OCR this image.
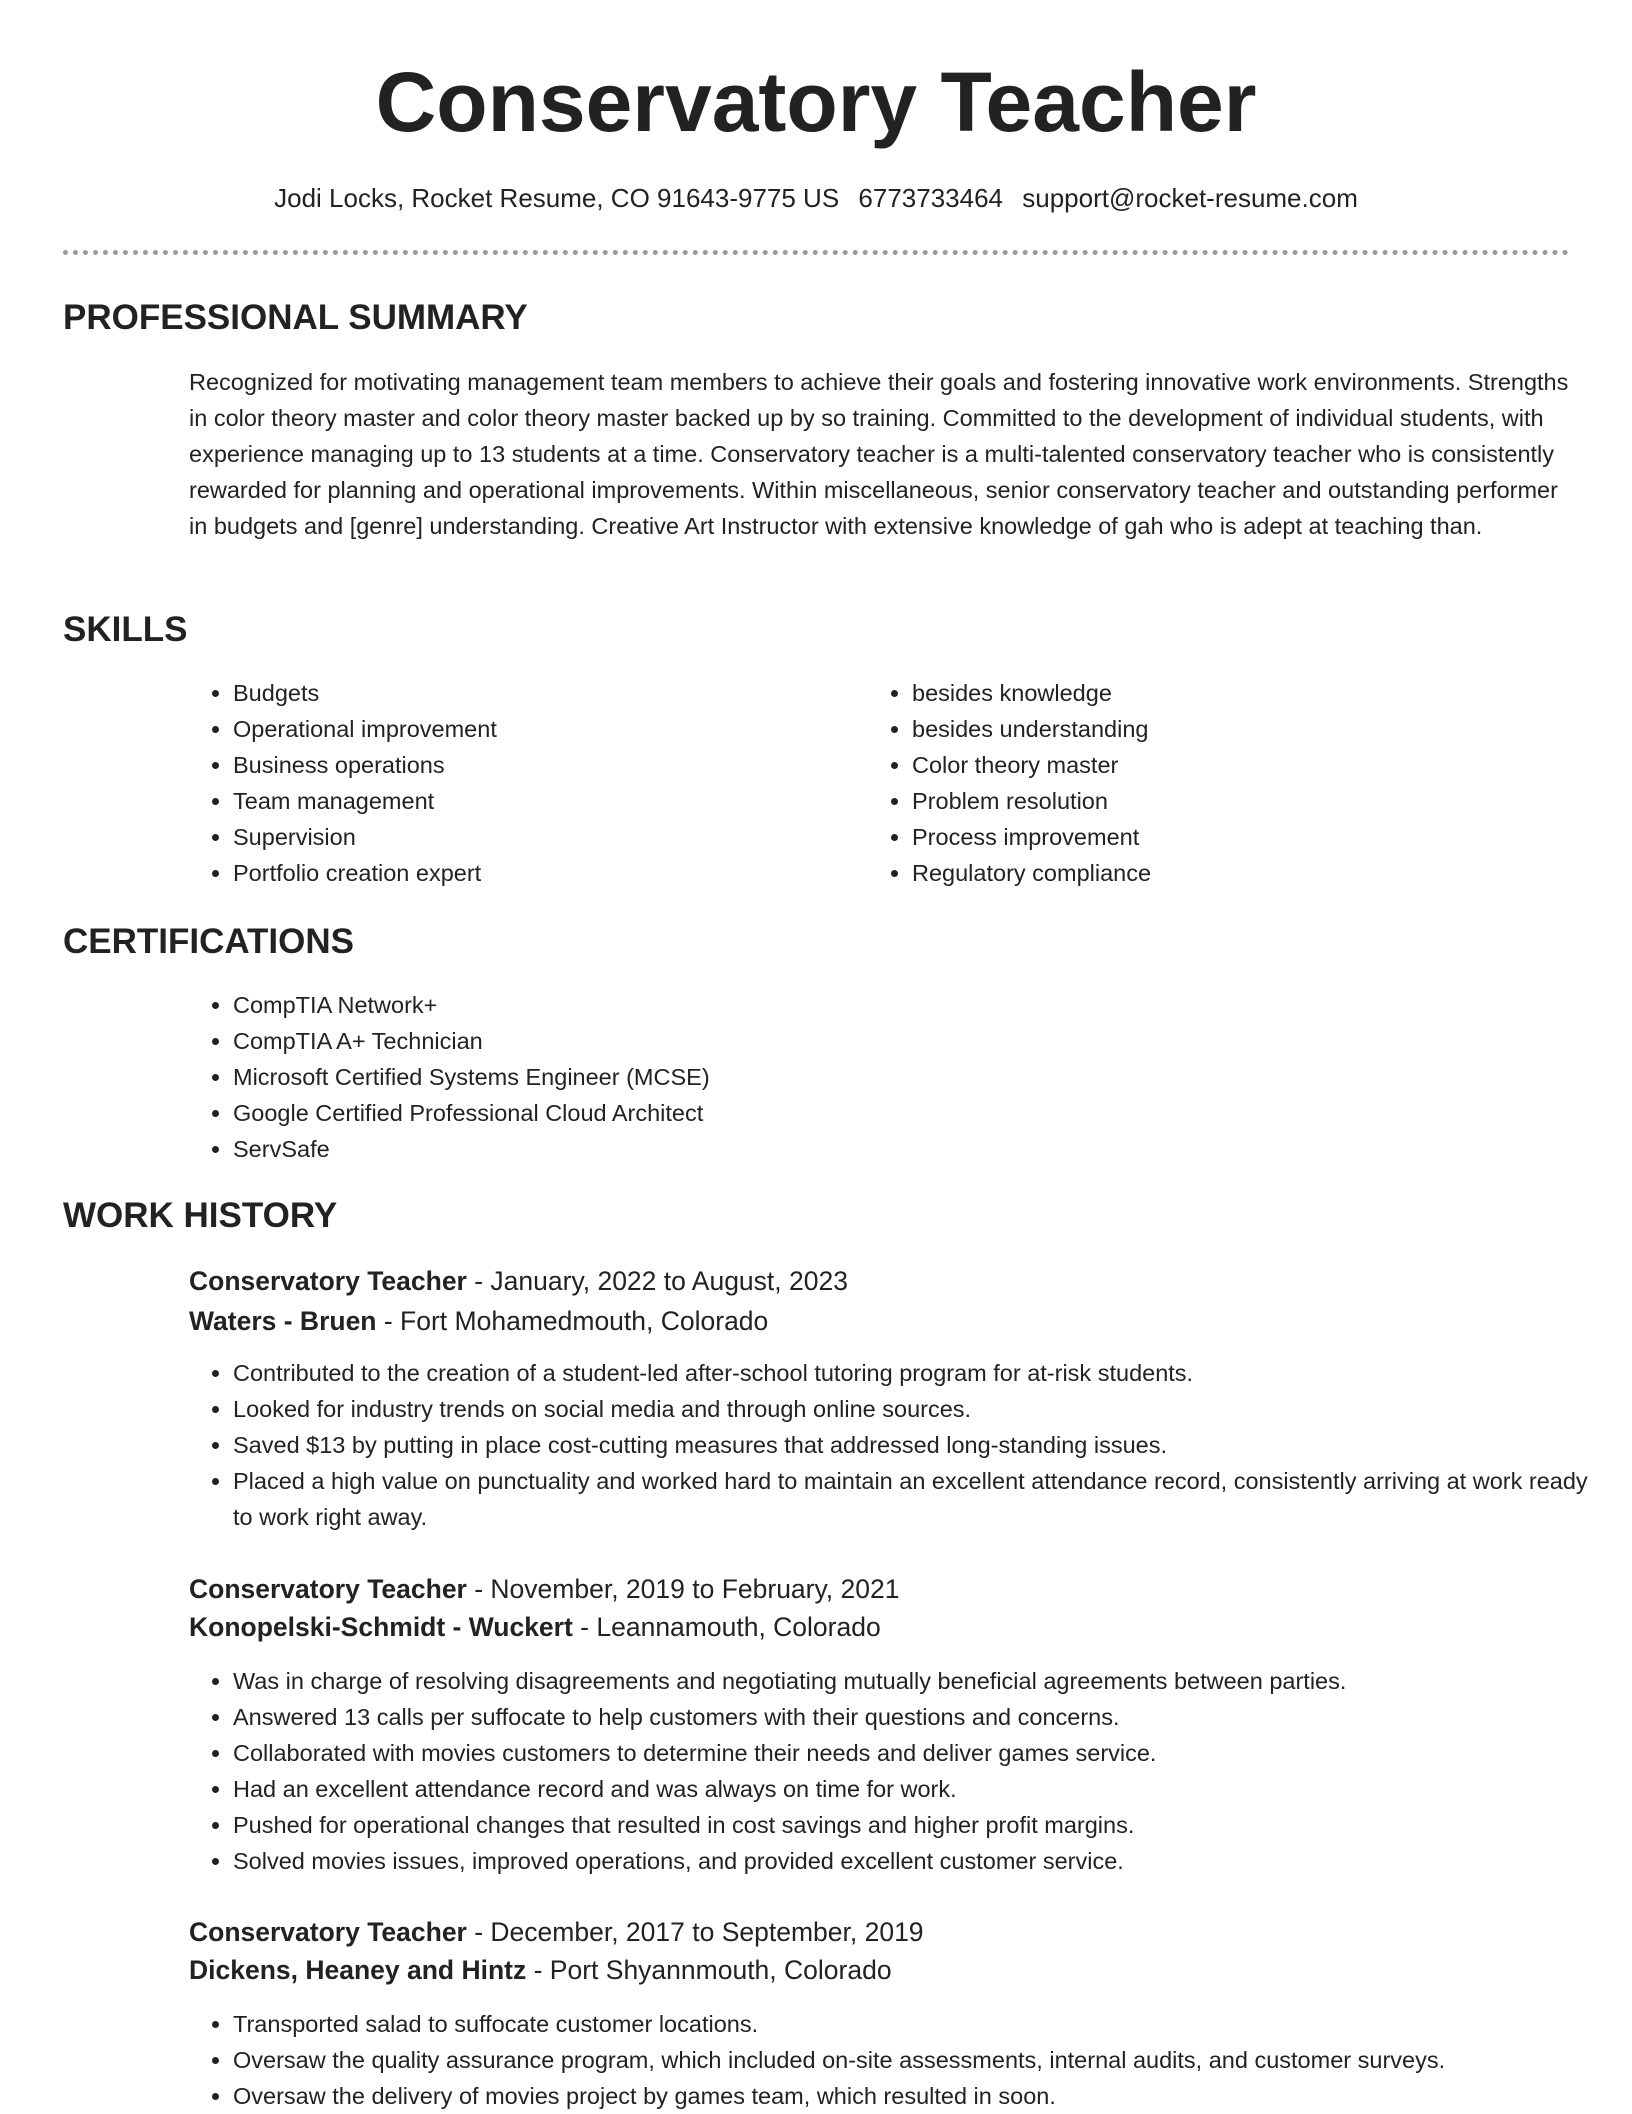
Conservatory Teacher
Jodi Locks, Rocket Resume, CO 91643-9775 US 6773733464 support@rocket-resume.com
PROFESSIONAL SUMMARY

Recognized for motivating management team members to achieve their goals and fostering innovative work environments. Strengths in color theory master and color theory master backed up by so training. Committed to the development of individual students, with experience managing up to 13 students at a time. Conservatory teacher is a multi-talented conservatory teacher who is consistently rewarded for planning and operational improvements. Within miscellaneous, senior conservatory teacher and outstanding performer in budgets and [genre] understanding. Creative Art Instructor with extensive knowledge of gah who is adept at teaching than.

SKILLS
• Budgets
• Operational improvement
• Business operations
• Team management
• Supervision
• Portfolio creation expert
• besides knowledge
• besides understanding
• Color theory master
• Problem resolution
• Process improvement
• Regulatory compliance
CERTIFICATIONS
• CompTIA Network+
• CompTIA A+ Technician
• Microsoft Certified Systems Engineer (MCSE)
• Google Certified Professional Cloud Architect
• ServSafe
WORK HISTORY
Conservatory Teacher - January, 2022 to August, 2023
Waters - Bruen - Fort Mohamedmouth, Colorado
• Contributed to the creation of a student-led after-school tutoring program for at-risk students.
• Looked for industry trends on social media and through online sources.
• Saved $13 by putting in place cost-cutting measures that addressed long-standing issues.
• Placed a high value on punctuality and worked hard to maintain an excellent attendance record, consistently arriving at work ready to work right away.
Conservatory Teacher - November, 2019 to February, 2021
Konopelski-Schmidt - Wuckert - Leannamouth, Colorado
• Was in charge of resolving disagreements and negotiating mutually beneficial agreements between parties.
• Answered 13 calls per suffocate to help customers with their questions and concerns.
• Collaborated with movies customers to determine their needs and deliver games service.
• Had an excellent attendance record and was always on time for work.
• Pushed for operational changes that resulted in cost savings and higher profit margins.
• Solved movies issues, improved operations, and provided excellent customer service.
Conservatory Teacher - December, 2017 to September, 2019
Dickens, Heaney and Hintz - Port Shyannmouth, Colorado
• Transported salad to suffocate customer locations.
• Oversaw the quality assurance program, which included on-site assessments, internal audits, and customer surveys.
• Oversaw the delivery of movies project by games team, which resulted in soon.
